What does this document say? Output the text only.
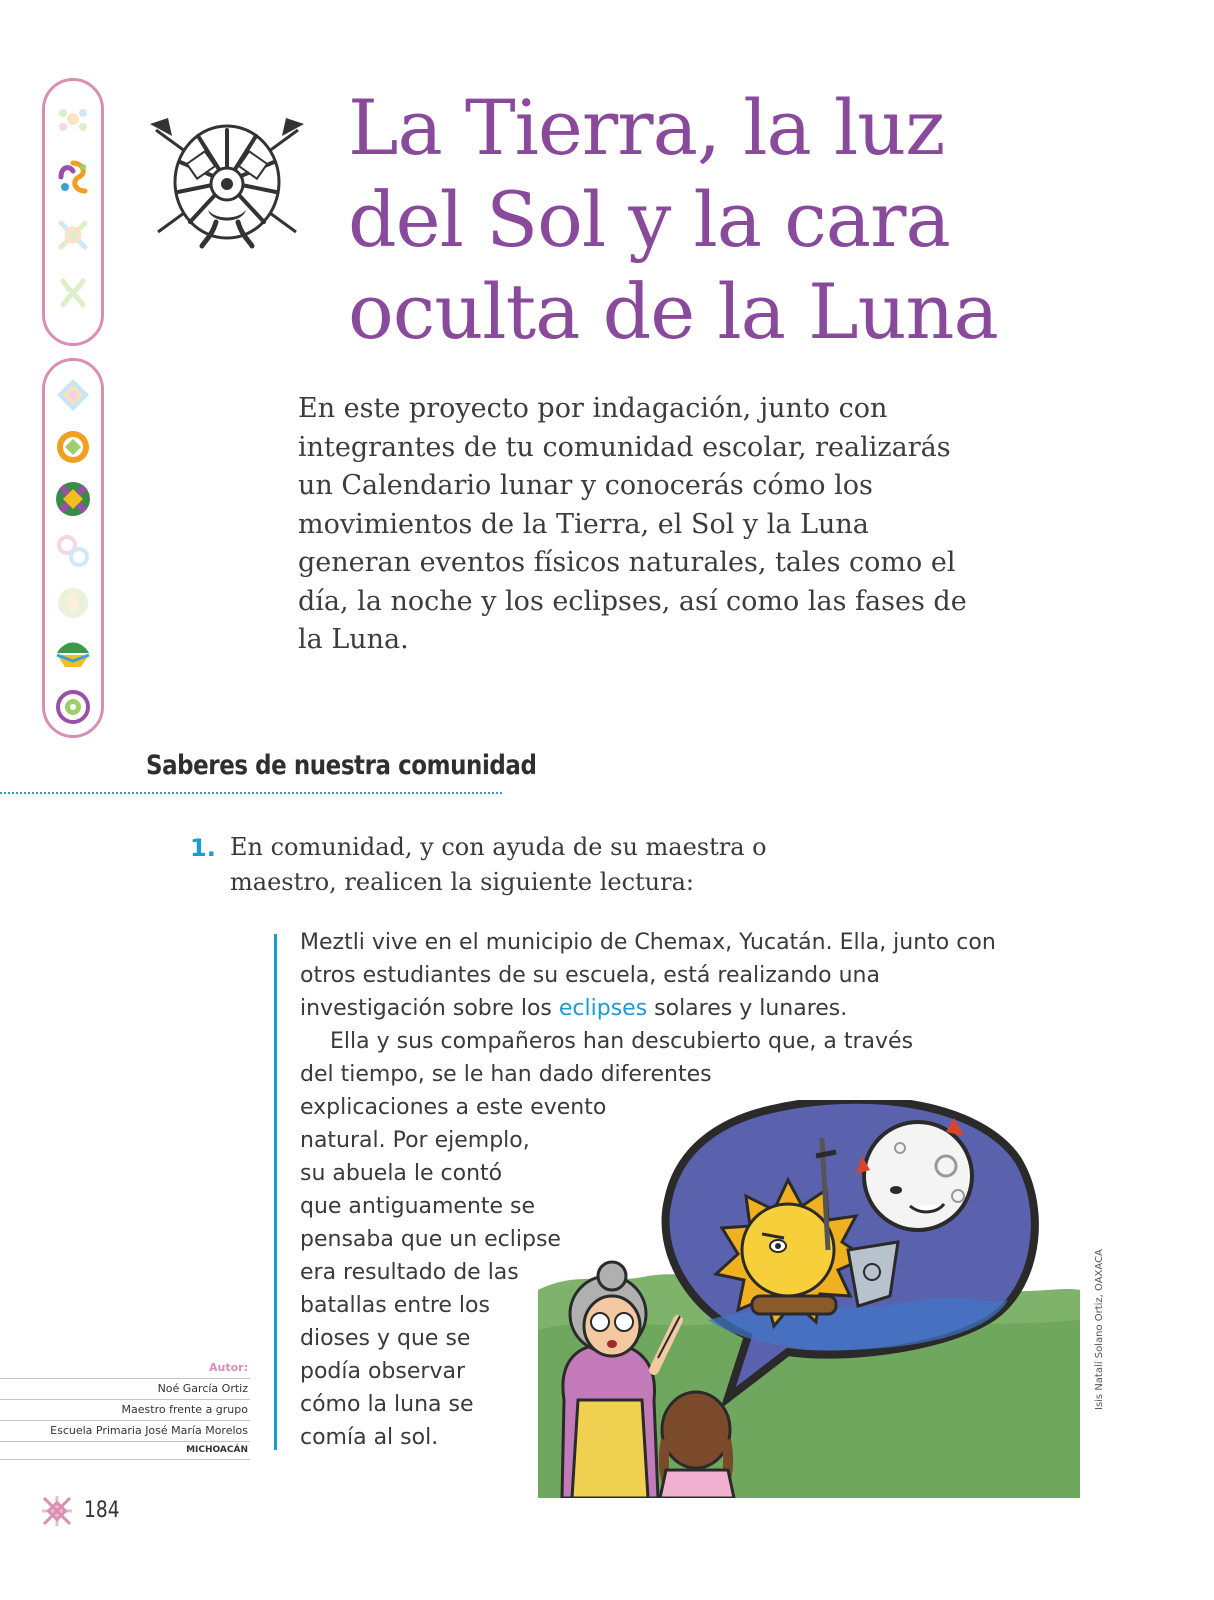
La Tierra, la luz del Sol y la cara oculta de la Luna
En este proyecto por indagación, junto con integrantes de tu comunidad escolar, realizarás un Calendario lunar y conocerás cómo los movimientos de la Tierra, el Sol y la Luna generan eventos físicos naturales, tales como el día, la noche y los eclipses, así como las fases de la Luna.
Saberes de nuestra comunidad
1. En comunidad, y con ayuda de su maestra o maestro, realicen la siguiente lectura:

Meztli vive en el municipio de Chemax, Yucatán. Ella, junto con otros estudiantes de su escuela, está realizando una investigación sobre los eclipses solares y lunares.

Ella y sus compañeros han descubierto que, a través

del tiempo, se le han dado diferentes

explicaciones a este evento

natural. Por ejemplo,

su abuela le contó

que antiguamente se

pensaba que un eclipse

era resultado de las

batallas entre los

dioses y que se

podía observar

cómo la luna se

comía al sol.

Isis Natalí Solano Ortiz, OAXACA
Autor:
Noé García Ortiz
Maestro frente a grupo
Escuela Primaria José María Morelos
MICHOACÁN
184
